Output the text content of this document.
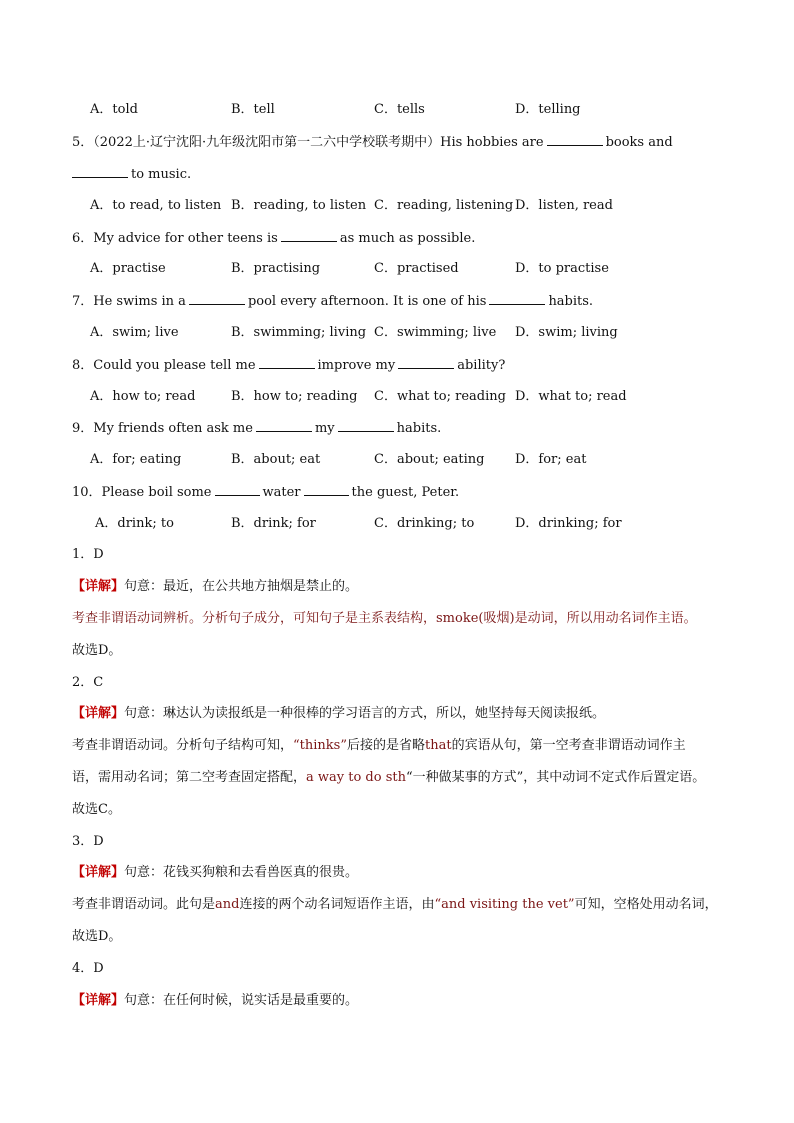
A．told	B．tell	C．tells	D．telling
5．（2022上·辽宁沈阳·九年级沈阳市第一二六中学校联考期中）His hobbies are	books and
to music.
A．to read, to listen B．reading, to listen C．reading, listening D．listen, read
6．My advice for other teens is	as much as possible.
A．practise	B．practising	C．practised	D．to practise
7．He swims in a	pool every afternoon. It is one of his	habits.
A．swim; live	B．swimming; living C．swimming; live D．swim; living
8．Could you please tell me	improve my	ability?
A．how to; read	B．how to; reading C．what to; reading D．what to; read
9．My friends often ask me	my	habits.
A．for; eating	B．about; eat	C．about; eating D．for; eat
10．Please boil some	water	the guest, Peter.
A．drink; to	B．drink; for	C．drinking; to	D．drinking; for
1．D
【详解】句意：最近，在公共地方抽烟是禁止的。
考查非谓语动词辨析。分析句子成分，可知句子是主系表结构，smoke(吸烟)是动词，所以用动名词作主语。
故选D。
2．C
【详解】句意：琳达认为读报纸是一种很棒的学习语言的方式，所以，她坚持每天阅读报纸。
考查非谓语动词。分析句子结构可知，“thinks”后接的是省略that的宾语从句，第一空考查非谓语动词作主
语，需用动名词；第二空考查固定搭配，a way to do sth“一种做某事的方式”，其中动词不定式作后置定语。
故选C。
3．D
【详解】句意：花钱买狗粮和去看兽医真的很贵。
考查非谓语动词。此句是and连接的两个动名词短语作主语，由“and visiting the vet”可知，空格处用动名词，
故选D。
4．D
【详解】句意：在任何时候，说实话是最重要的。
